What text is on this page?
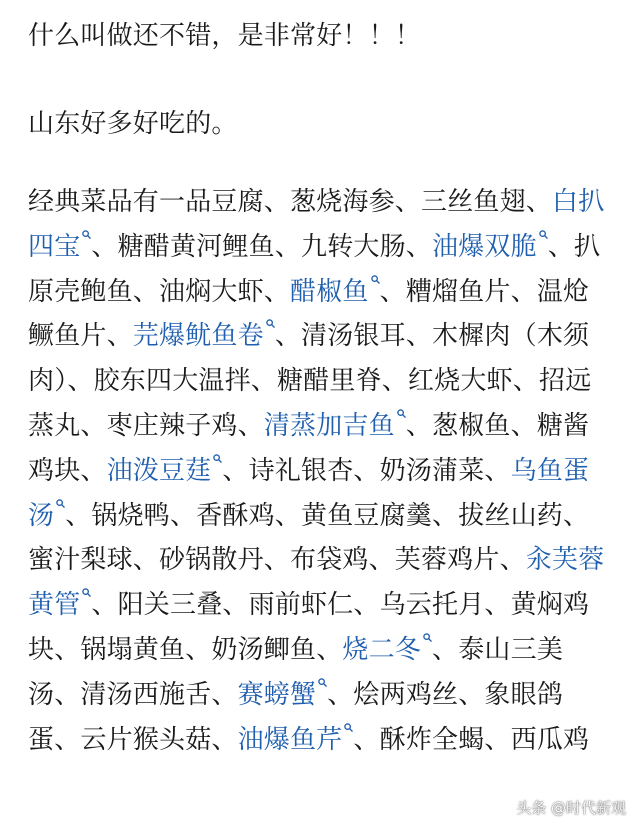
什么叫做还不错，是非常好！！！

山东好多好吃的。

经典菜品有一品豆腐、葱烧海参、三丝鱼翅、白扒四宝 、糖醋黄河鲤鱼、九转大肠、油爆双脆 、扒原壳鲍鱼、油焖大虾、醋椒鱼 、糟熘鱼片、温炝鳜鱼片、芫爆鱿鱼卷 、清汤银耳、木樨肉（木须肉）、胶东四大温拌、糖醋里脊、红烧大虾、招远蒸丸、枣庄辣子鸡、清蒸加吉鱼 、葱椒鱼、糖酱鸡块、油泼豆莛 、诗礼银杏、奶汤蒲菜、乌鱼蛋汤 、锅烧鸭、香酥鸡、黄鱼豆腐羹、拔丝山药、蜜汁梨球、砂锅散丹、布袋鸡、芙蓉鸡片、汆芙蓉黄管 、阳关三叠、雨前虾仁、乌云托月、黄焖鸡块、锅塌黄鱼、奶汤鲫鱼、烧二冬 、泰山三美汤、清汤西施舌、赛螃蟹 、烩两鸡丝、象眼鸽蛋、云片猴头菇、油爆鱼芹 、酥炸全蝎、西瓜鸡

头条 @时代新观
